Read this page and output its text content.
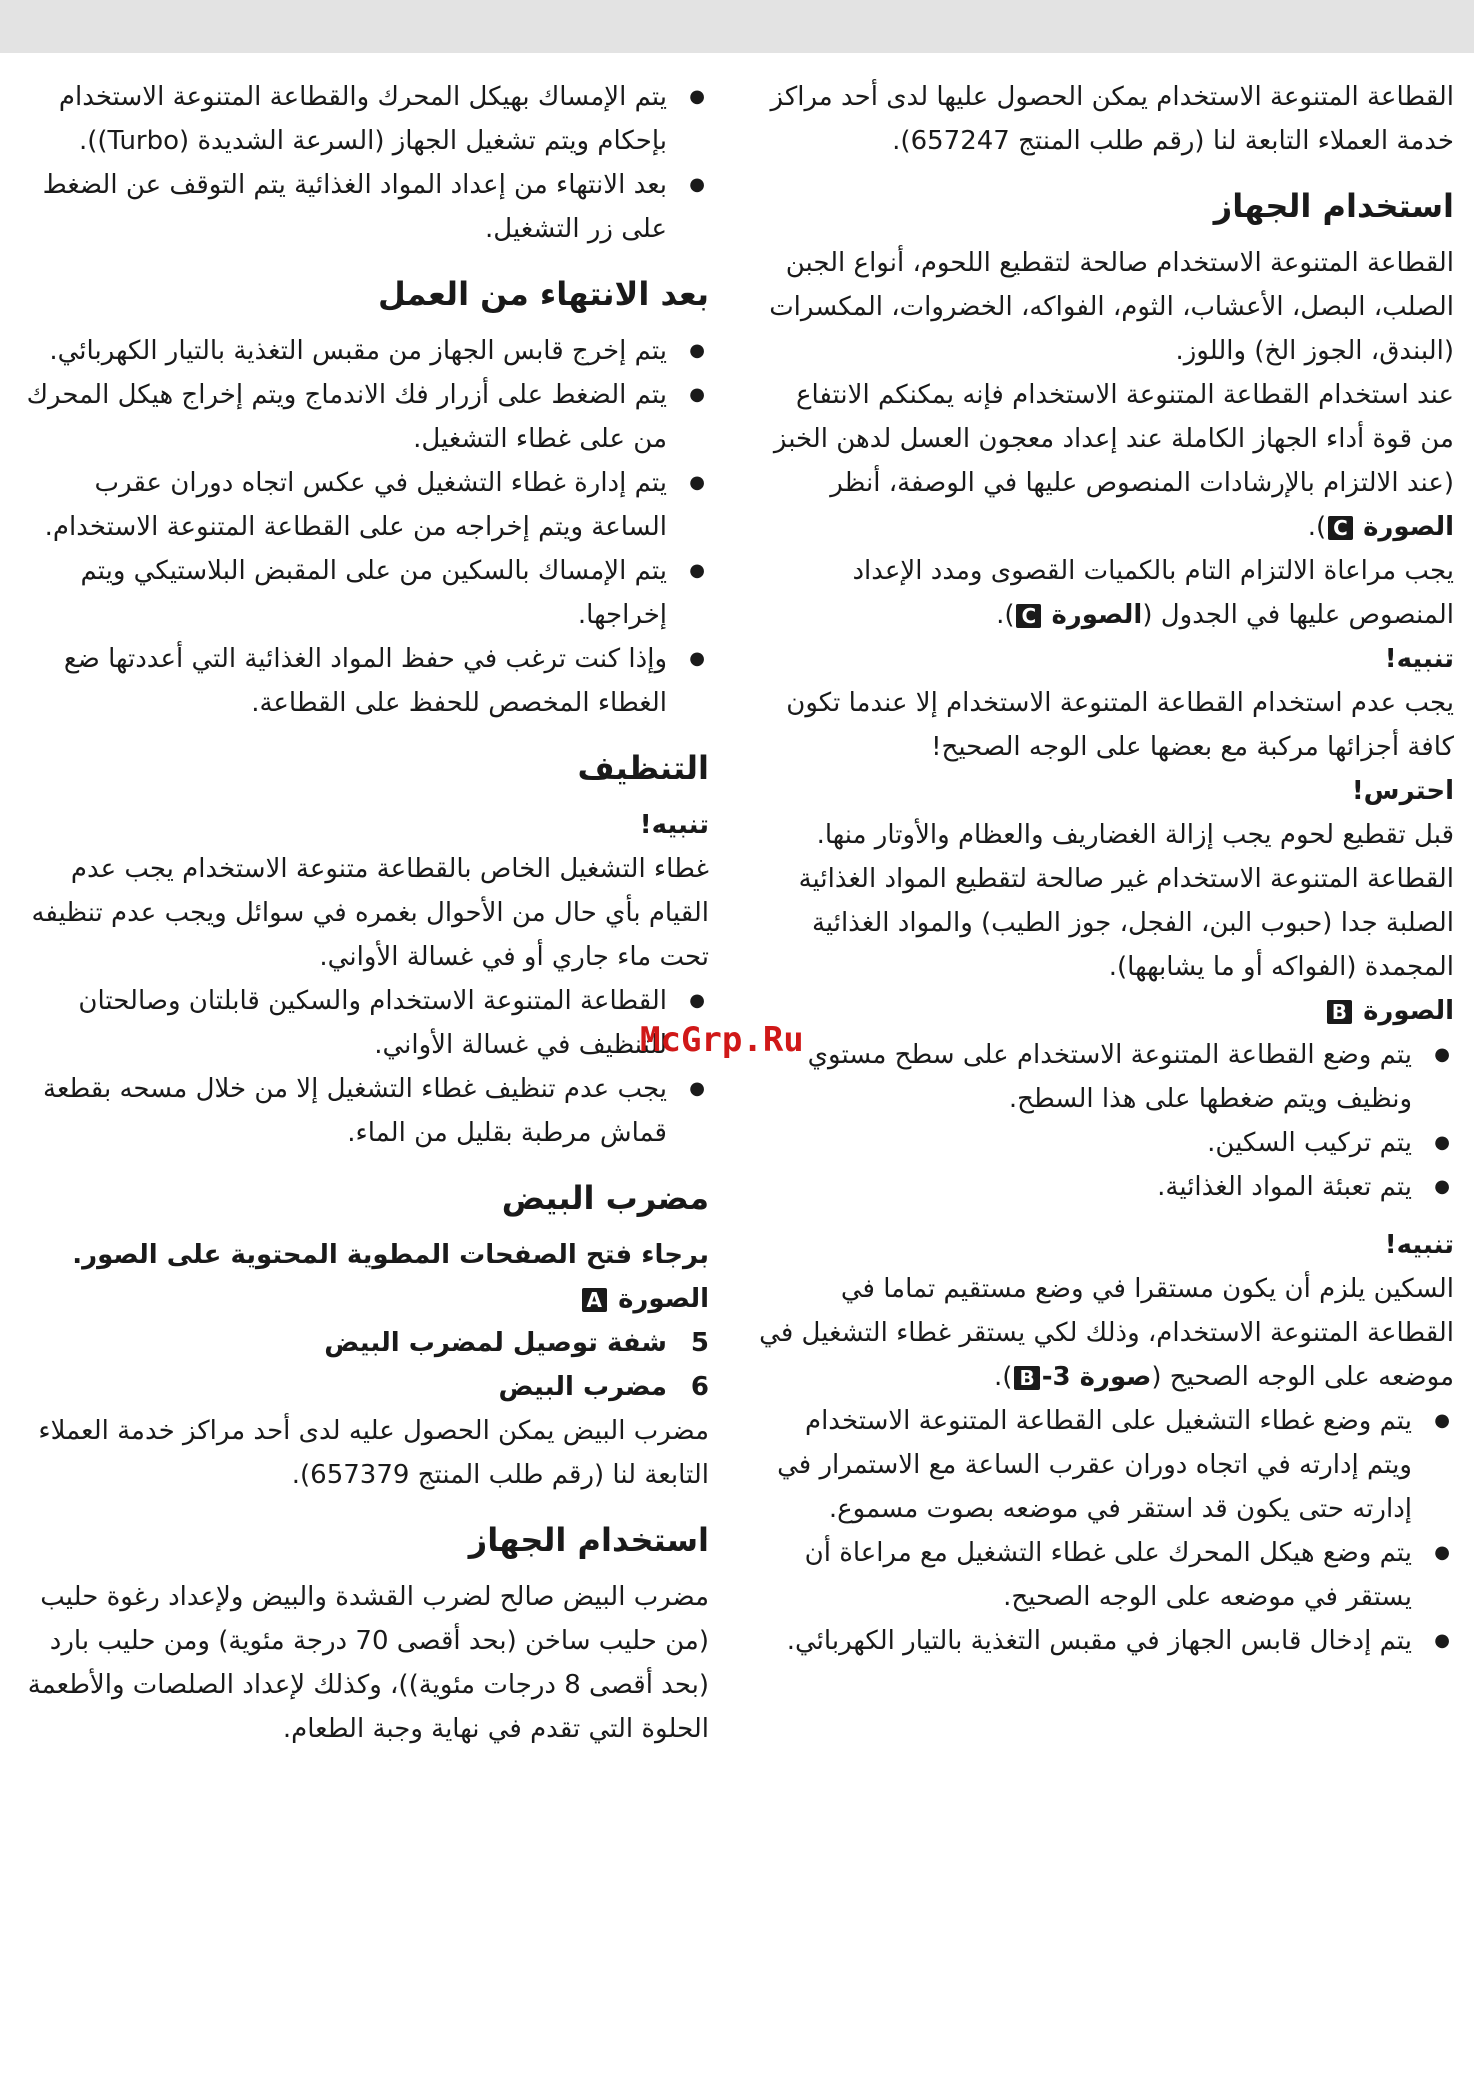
القطاعة المتنوعة الاستخدام يمكن الحصول عليها لدى أحد مراكز خدمة العملاء التابعة لنا (رقم طلب المنتج 657247).

استخدام الجهاز

القطاعة المتنوعة الاستخدام صالحة لتقطيع اللحوم، أنواع الجبن الصلب، البصل، الأعشاب، الثوم، الفواكه، الخضروات، المكسرات (البندق، الجوز الخ) واللوز.

عند استخدام القطاعة المتنوعة الاستخدام فإنه يمكنكم الانتفاع من قوة أداء الجهاز الكاملة عند إعداد معجون العسل لدهن الخبز (عند الالتزام بالإرشادات المنصوص عليها في الوصفة، أنظر الصورة C).

يجب مراعاة الالتزام التام بالكميات القصوى ومدد الإعداد المنصوص عليها في الجدول (الصورة C).

تنبيه!

يجب عدم استخدام القطاعة المتنوعة الاستخدام إلا عندما تكون كافة أجزائها مركبة مع بعضها على الوجه الصحيح!

احترس!

قبل تقطيع لحوم يجب إزالة الغضاريف والعظام والأوتار منها.

القطاعة المتنوعة الاستخدام غير صالحة لتقطيع المواد الغذائية الصلبة جدا (حبوب البن، الفجل، جوز الطيب) والمواد الغذائية المجمدة (الفواكه أو ما يشابهها).

الصورة B

● يتم وضع القطاعة المتنوعة الاستخدام على سطح مستوي ونظيف ويتم ضغطها على هذا السطح.
● يتم تركيب السكين.
● يتم تعبئة المواد الغذائية.

تنبيه!

السكين يلزم أن يكون مستقرا في وضع مستقيم تماما في القطاعة المتنوعة الاستخدام، وذلك لكي يستقر غطاء التشغيل في موضعه على الوجه الصحيح (صورة 3-B).

● يتم وضع غطاء التشغيل على القطاعة المتنوعة الاستخدام ويتم إدارته في اتجاه دوران عقرب الساعة مع الاستمرار في إدارته حتى يكون قد استقر في موضعه بصوت مسموع.
● يتم وضع هيكل المحرك على غطاء التشغيل مع مراعاة أن يستقر في موضعه على الوجه الصحيح.
● يتم إدخال قابس الجهاز في مقبس التغذية بالتيار الكهربائي.
● يتم الإمساك بهيكل المحرك والقطاعة المتنوعة الاستخدام بإحكام ويتم تشغيل الجهاز (السرعة الشديدة (Turbo)).
● بعد الانتهاء من إعداد المواد الغذائية يتم التوقف عن الضغط على زر التشغيل.
بعد الانتهاء من العمل
● يتم إخرج قابس الجهاز من مقبس التغذية بالتيار الكهربائي.
● يتم الضغط على أزرار فك الاندماج ويتم إخراج هيكل المحرك من على غطاء التشغيل.
● يتم إدارة غطاء التشغيل في عكس اتجاه دوران عقرب الساعة ويتم إخراجه من على القطاعة المتنوعة الاستخدام.
● يتم الإمساك بالسكين من على المقبض البلاستيكي ويتم إخراجها.
● وإذا كنت ترغب في حفظ المواد الغذائية التي أعددتها ضع الغطاء المخصص للحفظ على القطاعة.
التنظيف

تنبيه!

غطاء التشغيل الخاص بالقطاعة متنوعة الاستخدام يجب عدم القيام بأي حال من الأحوال بغمره في سوائل ويجب عدم تنظيفه تحت ماء جاري أو في غسالة الأواني.

● القطاعة المتنوعة الاستخدام والسكين قابلتان وصالحتان للتنظيف في غسالة الأواني.
● يجب عدم تنظيف غطاء التشغيل إلا من خلال مسحه بقطعة قماش مرطبة بقليل من الماء.
مضرب البيض

برجاء فتح الصفحات المطوية المحتوية على الصور.

الصورة A

5شفة توصيل لمضرب البيض

6مضرب البيض

مضرب البيض يمكن الحصول عليه لدى أحد مراكز خدمة العملاء التابعة لنا (رقم طلب المنتج 657379).

استخدام الجهاز

مضرب البيض صالح لضرب القشدة والبيض ولإعداد رغوة حليب (من حليب ساخن (بحد أقصى 70 درجة مئوية) ومن حليب بارد (بحد أقصى 8 درجات مئوية))، وكذلك لإعداد الصلصات والأطعمة الحلوة التي تقدم في نهاية وجبة الطعام.

McGrp.Ru
